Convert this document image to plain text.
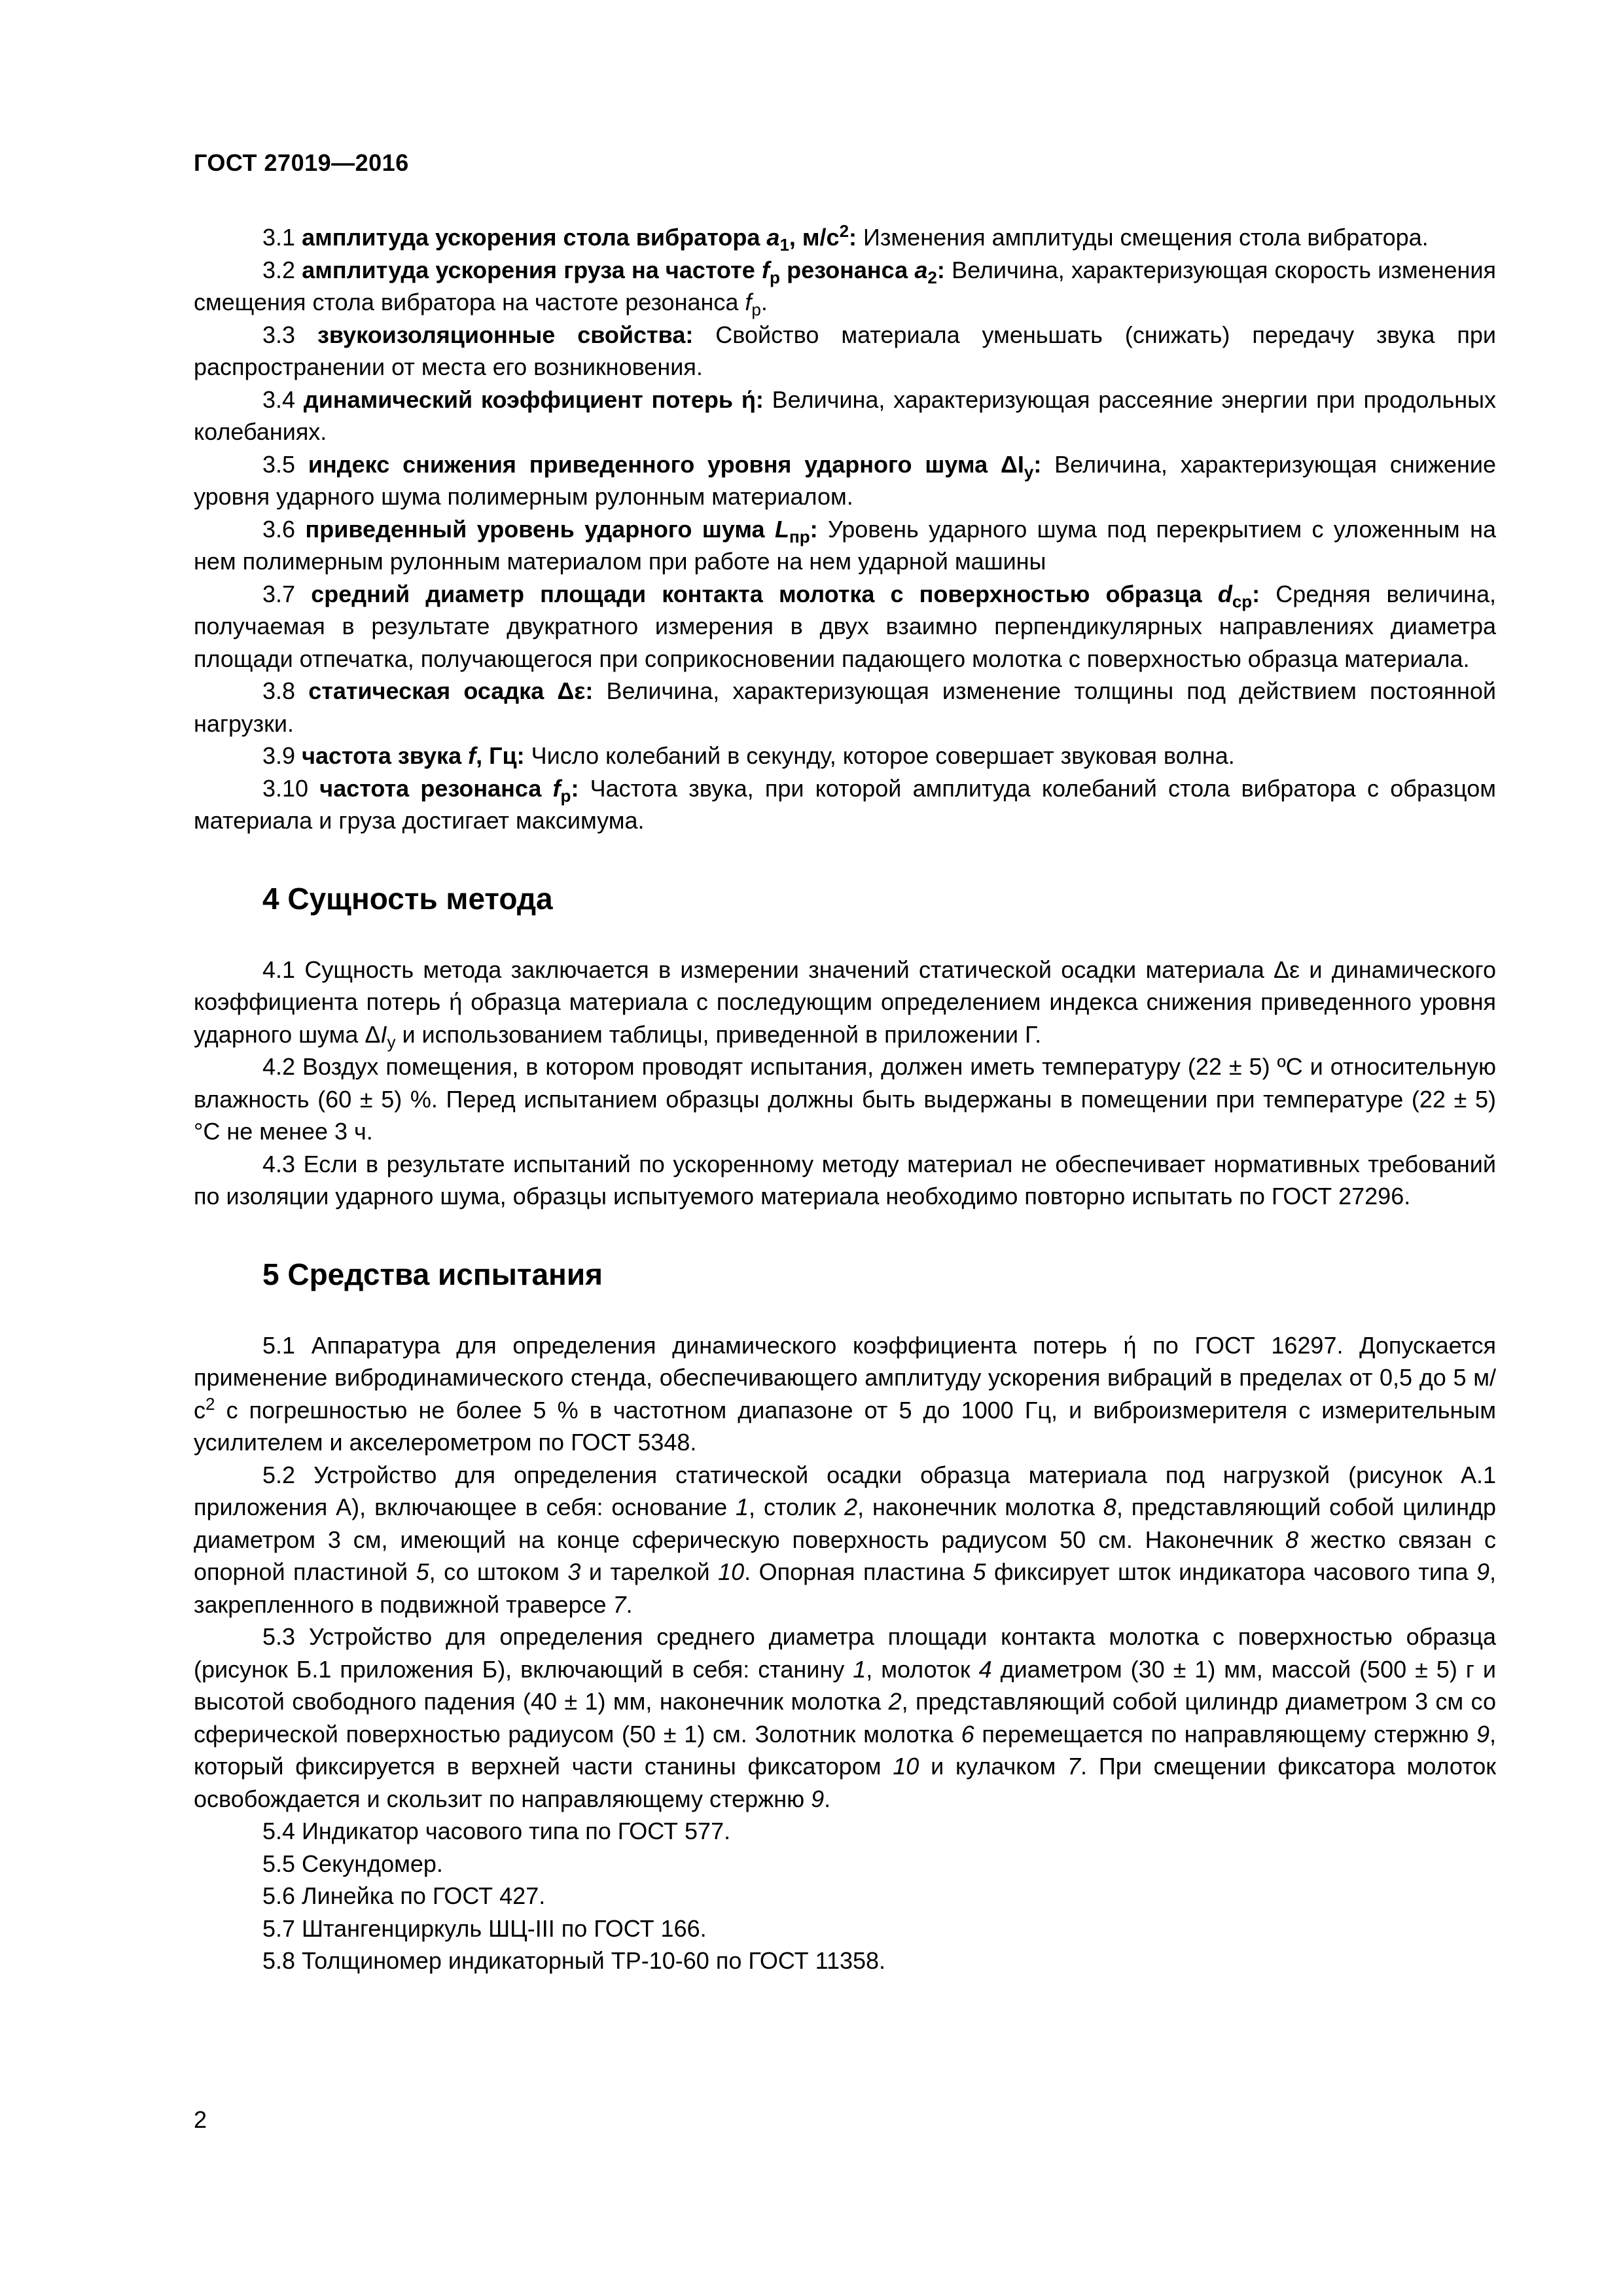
ГОСТ 27019—2016

3.1 амплитуда ускорения стола вибратора $a_1$, $м/с^2$: Изменения амплитуды смещения стола вибратора.

3.2 амплитуда ускорения груза на частоте $f_р$ резонанса $a_2$: Величина, характеризующая скорость изменения смещения стола вибратора на частоте резонанса $f_р$.

3.3 звукоизоляционные свойства: Свойство материала уменьшать (снижать) передачу звука при распространении от места его возникновения.

3.4 динамический коэффициент потерь ή: Величина, характеризующая рассеяние энергии при продольных колебаниях.

3.5 индекс снижения приведенного уровня ударного шума $\Delta I_y$: Величина, характеризующая снижение уровня ударного шума полимерным рулонным материалом.

3.6 приведенный уровень ударного шума $L_{пр}$: Уровень ударного шума под перекрытием с уложенным на нем полимерным рулонным материалом при работе на нем ударной машины

3.7 средний диаметр площади контакта молотка с поверхностью образца $d_{ср}$: Средняя величина, получаемая в результате двукратного измерения в двух взаимно перпендикулярных направлениях диаметра площади отпечатка, получающегося при соприкосновении падающего молотка с поверхностью образца материала.

3.8 статическая осадка Δε: Величина, характеризующая изменение толщины под действием постоянной нагрузки.

3.9 частота звука f, Гц: Число колебаний в секунду, которое совершает звуковая волна.

3.10 частота резонанса $f_р$: Частота звука, при которой амплитуда колебаний стола вибратора с образцом материала и груза достигает максимума.

4 Сущность метода

4.1 Сущность метода заключается в измерении значений статической осадки материала Δε и динамического коэффициента потерь ή образца материала с последующим определением индекса снижения приведенного уровня ударного шума $\Delta I_y$ и использованием таблицы, приведенной в приложении Г.

4.2 Воздух помещения, в котором проводят испытания, должен иметь температуру (22 ± 5) ºС и относительную влажность (60 ± 5) %. Перед испытанием образцы должны быть выдержаны в помещении при температуре (22 ± 5) °С не менее 3 ч.

4.3 Если в результате испытаний по ускоренному методу материал не обеспечивает нормативных требований по изоляции ударного шума, образцы испытуемого материала необходимо повторно испытать по ГОСТ 27296.

5 Средства испытания

5.1 Аппаратура для определения динамического коэффициента потерь ή по ГОСТ 16297. Допускается применение вибродинамического стенда, обеспечивающего амплитуду ускорения вибраций в пределах от 0,5 до 5 $м/с^2$ с погрешностью не более 5 % в частотном диапазоне от 5 до 1000 Гц, и виброизмерителя с измерительным усилителем и акселерометром по ГОСТ 5348.

5.2 Устройство для определения статической осадки образца материала под нагрузкой (рисунок А.1 приложения А), включающее в себя: основание 1, столик 2, наконечник молотка 8, представляющий собой цилиндр диаметром 3 см, имеющий на конце сферическую поверхность радиусом 50 см. Наконечник 8 жестко связан с опорной пластиной 5, со штоком 3 и тарелкой 10. Опорная пластина 5 фиксирует шток индикатора часового типа 9, закрепленного в подвижной траверсе 7.

5.3 Устройство для определения среднего диаметра площади контакта молотка с поверхностью образца (рисунок Б.1 приложения Б), включающий в себя: станину 1, молоток 4 диаметром (30 ± 1) мм, массой (500 ± 5) г и высотой свободного падения (40 ± 1) мм, наконечник молотка 2, представляющий собой цилиндр диаметром 3 см со сферической поверхностью радиусом (50 ± 1) см. Золотник молотка 6 перемещается по направляющему стержню 9, который фиксируется в верхней части станины фиксатором 10 и кулачком 7. При смещении фиксатора молоток освобождается и скользит по направляющему стержню 9.

5.4 Индикатор часового типа по ГОСТ 577.

5.5 Секундомер.

5.6 Линейка по ГОСТ 427.

5.7 Штангенциркуль ШЦ-III по ГОСТ 166.

5.8 Толщиномер индикаторный ТР-10-60 по ГОСТ 11358.

2
